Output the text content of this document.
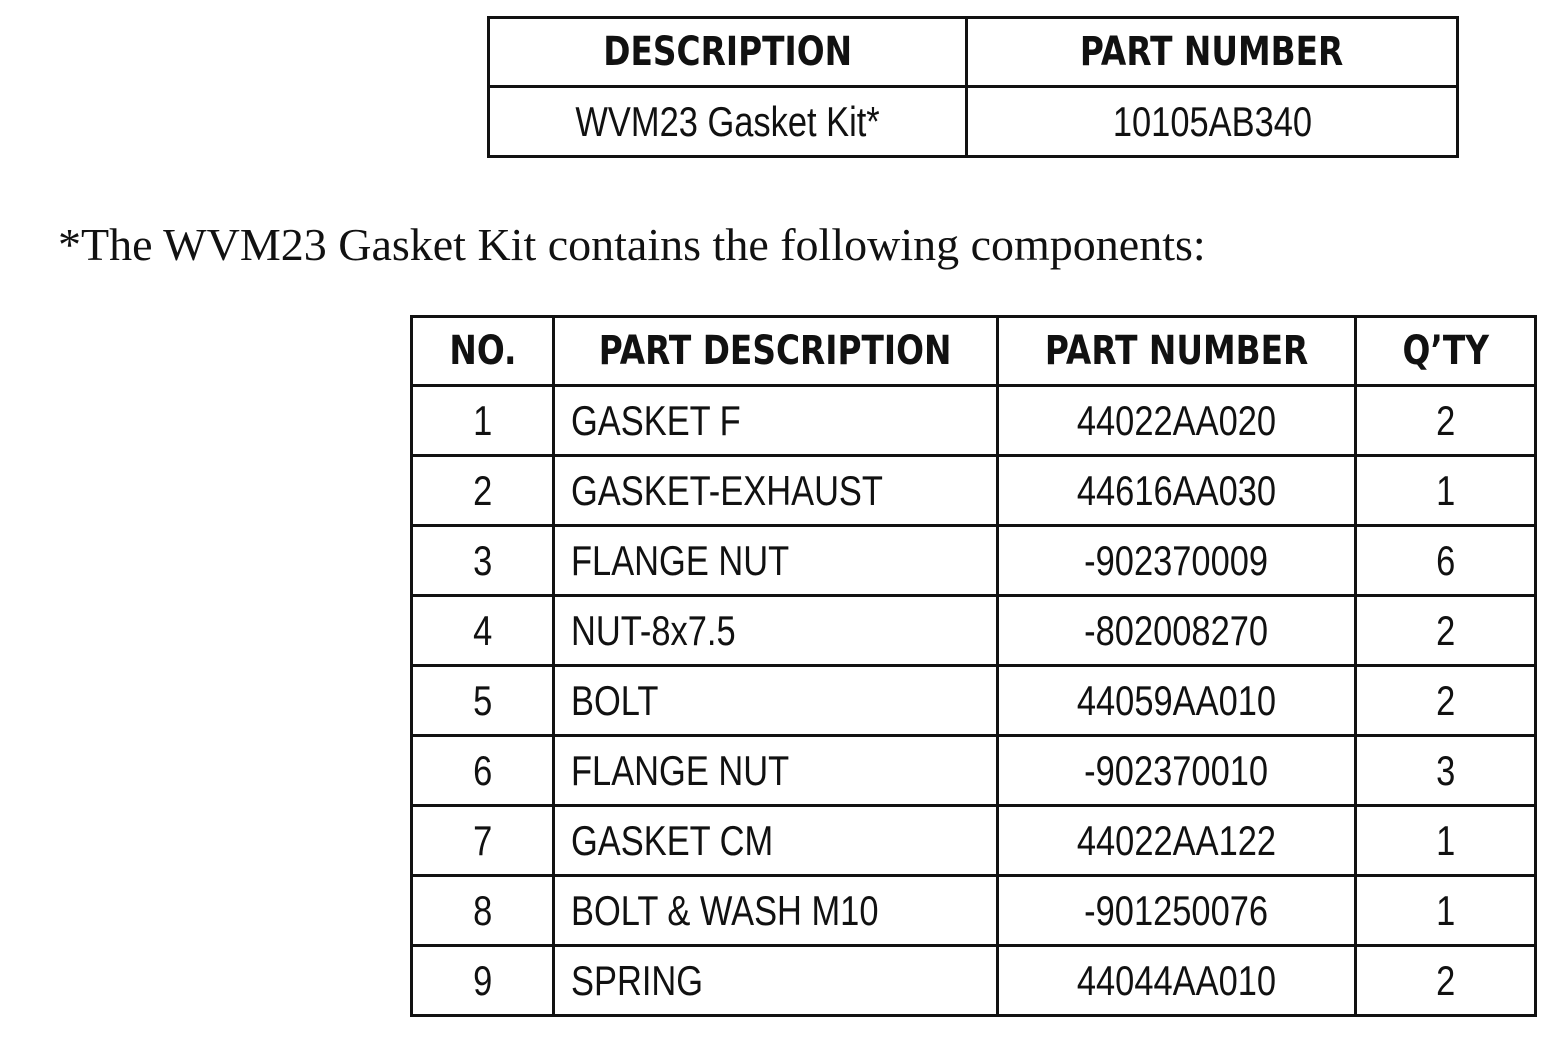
DESCRIPTION	PART NUMBER
WVM23 Gasket Kit*	10105AB340

*The WVM23 Gasket Kit contains the following components:

NO.	PART DESCRIPTION	PART NUMBER	Q’TY
1	GASKET F	44022AA020	2
2	GASKET-EXHAUST	44616AA030	1
3	FLANGE NUT	-902370009	6
4	NUT-8x7.5	-802008270	2
5	BOLT	44059AA010	2
6	FLANGE NUT	-902370010	3
7	GASKET CM	44022AA122	1
8	BOLT & WASH M10	-901250076	1
9	SPRING	44044AA010	2
